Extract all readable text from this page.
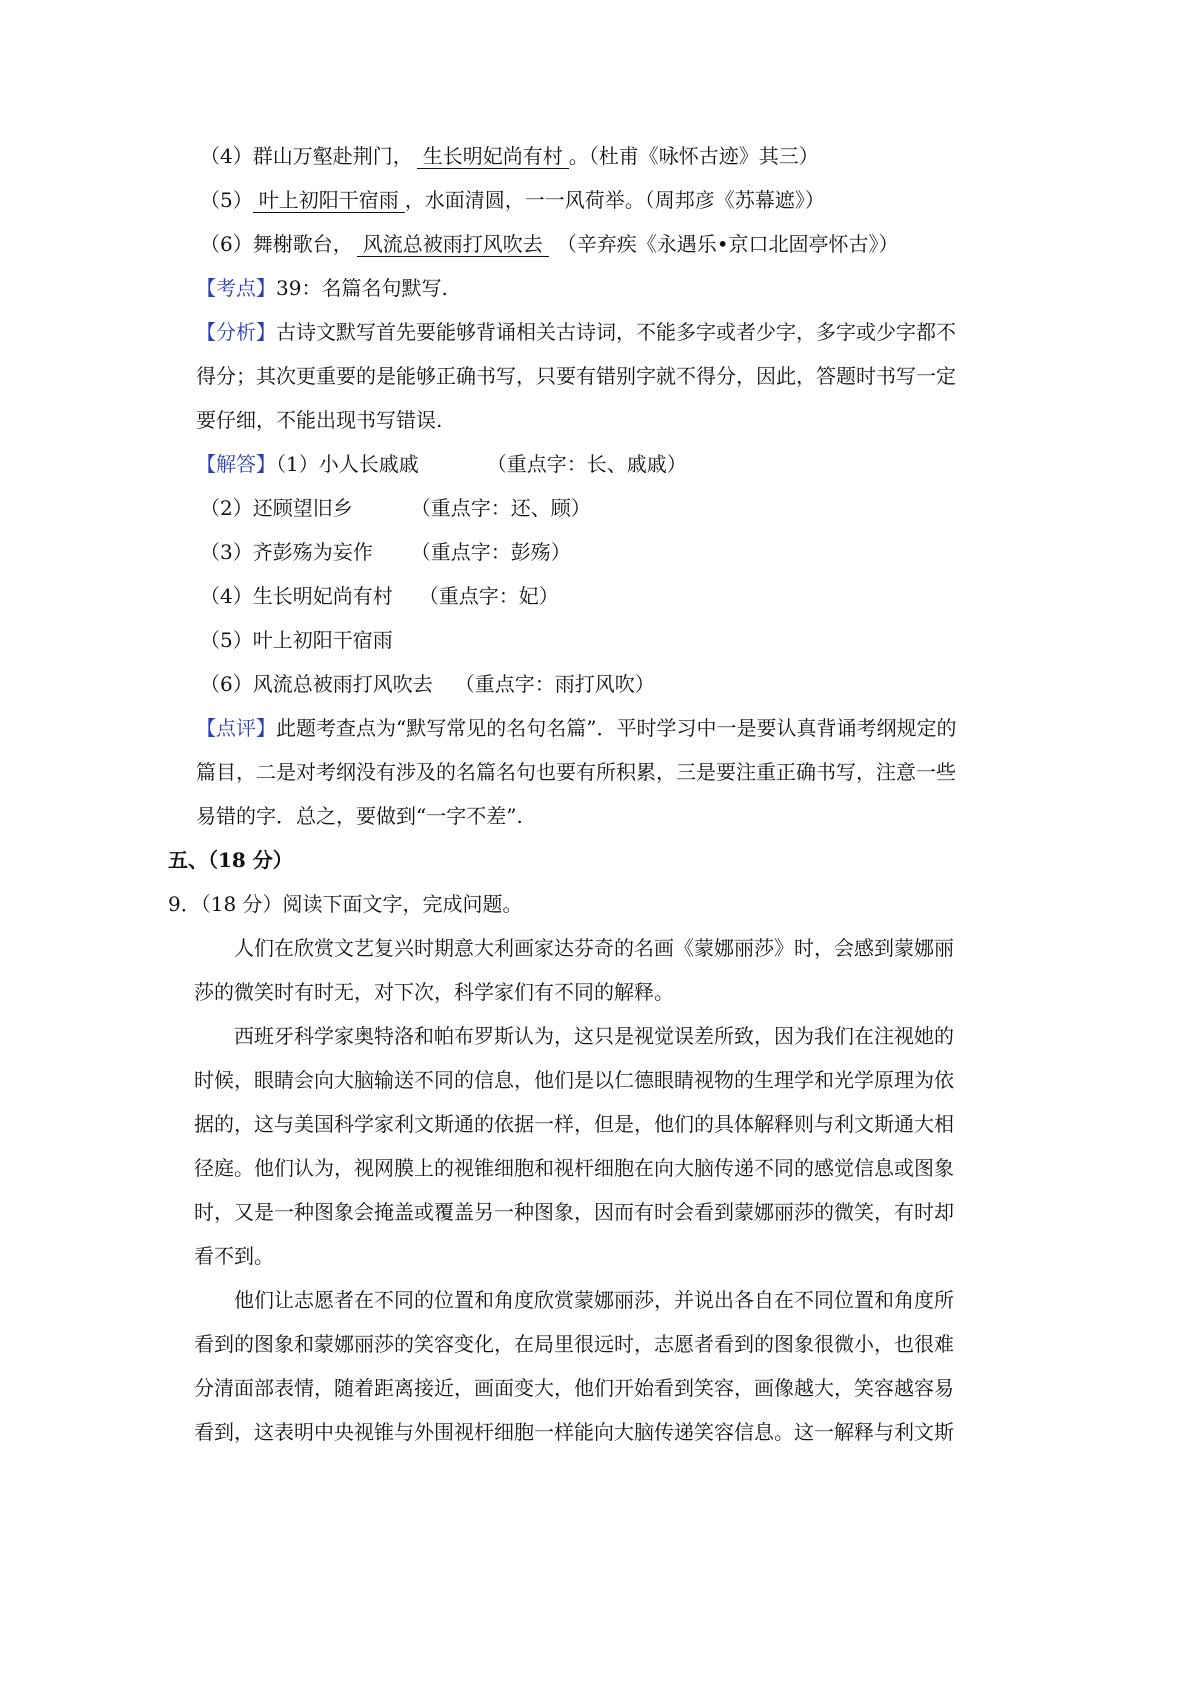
（4）群山万壑赴荆门， 生长明妃尚有村 。（杜甫《咏怀古迹》其三）
（5） 叶上初阳干宿雨 ，水面清圆，一一风荷举。（周邦彦《苏幕遮》）
（6）舞榭歌台， 风流总被雨打风吹去 （辛弃疾《永遇乐•京口北固亭怀古》）
【考点】39：名篇名句默写.
【分析】古诗文默写首先要能够背诵相关古诗词，不能多字或者少字，多字或少字都不
得分；其次更重要的是能够正确书写，只要有错别字就不得分，因此，答题时书写一定
要仔细，不能出现书写错误.
【解答】（1）小人长戚戚	（重点字：长、戚戚）
（2）还顾望旧乡	（重点字：还、顾）
（3）齐彭殇为妄作 （重点字：彭殇）
（4）生长明妃尚有村 （重点字：妃）
（5）叶上初阳干宿雨
（6）风流总被雨打风吹去 （重点字：雨打风吹）
【点评】此题考查点为“默写常见的名句名篇”．平时学习中一是要认真背诵考纲规定的
篇目，二是对考纲没有涉及的名篇名句也要有所积累，三是要注重正确书写，注意一些
易错的字．总之，要做到“一字不差”.
五、（18 分）
9．（18 分）阅读下面文字，完成问题。
人们在欣赏文艺复兴时期意大利画家达芬奇的名画《蒙娜丽莎》时，会感到蒙娜丽
莎的微笑时有时无，对下次，科学家们有不同的解释。
西班牙科学家奥特洛和帕布罗斯认为，这只是视觉误差所致，因为我们在注视她的
时候，眼睛会向大脑输送不同的信息，他们是以仁德眼睛视物的生理学和光学原理为依
据的，这与美国科学家利文斯通的依据一样，但是，他们的具体解释则与利文斯通大相
径庭。他们认为，视网膜上的视锥细胞和视杆细胞在向大脑传递不同的感觉信息或图象
时，又是一种图象会掩盖或覆盖另一种图象，因而有时会看到蒙娜丽莎的微笑，有时却
看不到。
他们让志愿者在不同的位置和角度欣赏蒙娜丽莎，并说出各自在不同位置和角度所
看到的图象和蒙娜丽莎的笑容变化，在局里很远时，志愿者看到的图象很微小，也很难
分清面部表情，随着距离接近，画面变大，他们开始看到笑容，画像越大，笑容越容易
看到，这表明中央视锥与外围视杆细胞一样能向大脑传递笑容信息。这一解释与利文斯
